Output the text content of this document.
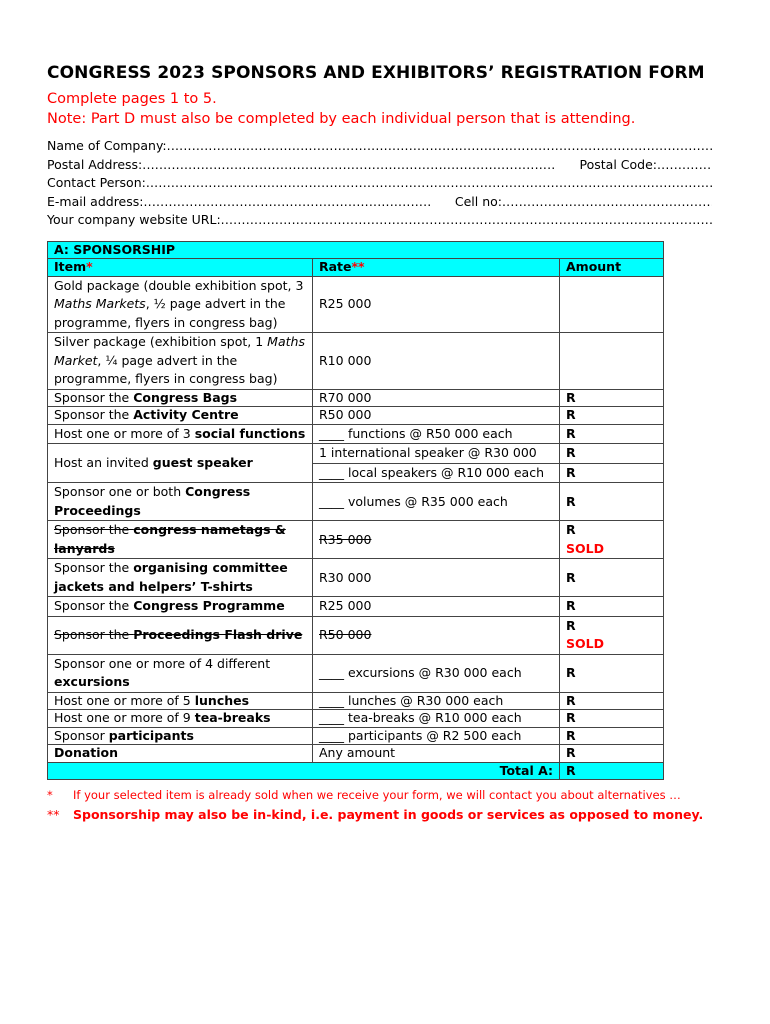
CONGRESS 2023 SPONSORS AND EXHIBITORS’ REGISTRATION FORM
Complete pages 1 to 5.
Note: Part D must also be completed by each individual person that is attending.
Name of Company:
.....
Postal Address: .....	Postal Code:
.....
Contact Person:
.....
E-mail address: .....	Cell no:
.....
Your company website URL:
.....
A: SPONSORSHIP		
Item*	Rate**	Amount
Gold package (double exhibition spot, 3 Maths Markets, ½ page advert in the programme, flyers in congress bag)	R25 000	
Silver package (exhibition spot, 1 Maths Market, ¼ page advert in the programme, flyers in congress bag)	R10 000	
Sponsor the Congress Bags	R70 000	R
Sponsor the Activity Centre	R50 000	R
Host one or more of 3 social functions	____ functions @ R50 000 each	R
Host an invited guest speaker	1 international speaker @ R30 000	R
	____ local speakers @ R10 000 each	R
Sponsor one or both Congress Proceedings	____ volumes @ R35 000 each	R
Sponsor the congress nametags & lanyards	R35 000	R
SOLD
Sponsor the organising committee jackets and helpers’ T-shirts	R30 000	R
Sponsor the Congress Programme	R25 000	R
Sponsor the Proceedings Flash drive	R50 000	R
SOLD
Sponsor one or more of 4 different excursions	____ excursions @ R30 000 each	R
Host one or more of 5 lunches	____ lunches @ R30 000 each	R
Host one or more of 9 tea-breaks	____ tea-breaks @ R10 000 each	R
Sponsor participants	____ participants @ R2 500 each	R
Donation	Any amount	R
Total A:		R
*	If your selected item is already sold when we receive your form, we will contact you about alternatives …
**	Sponsorship may also be in-kind, i.e. payment in goods or services as opposed to money.
